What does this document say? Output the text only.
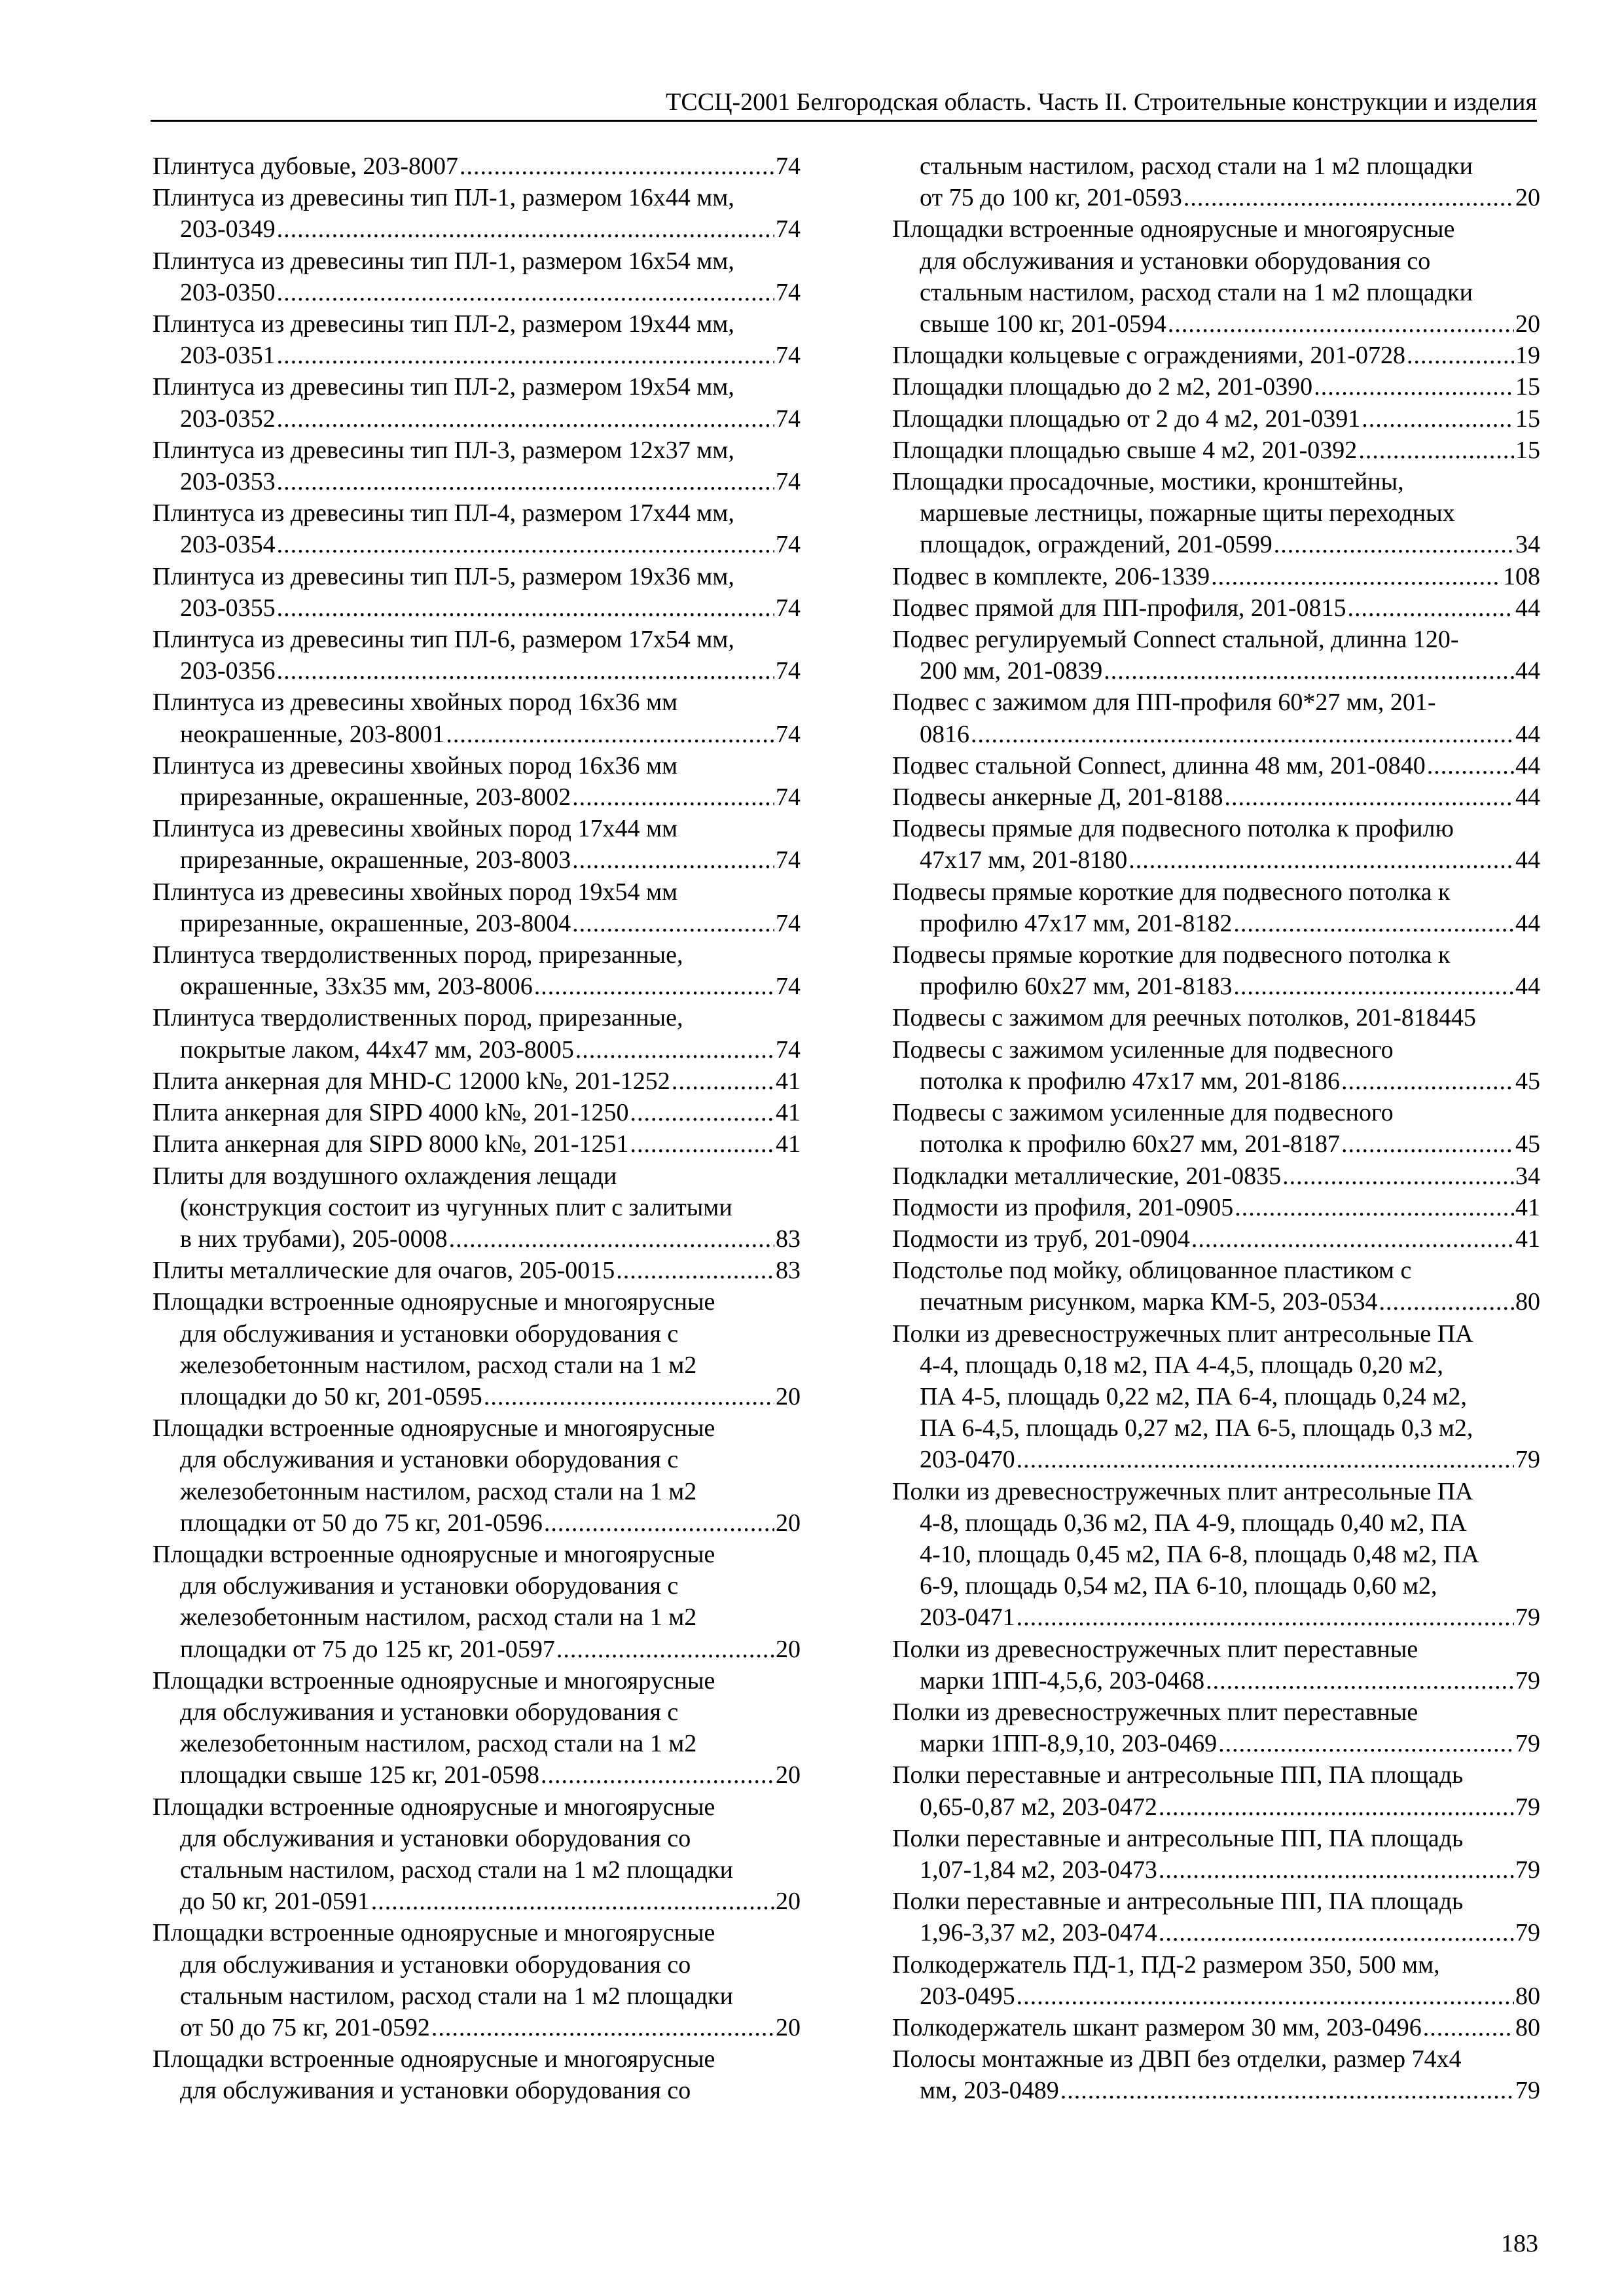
ТССЦ-2001 Белгородская область. Часть II. Строительные конструкции и изделия
Плинтуса дубовые, 203-8007 .....	74
Плинтуса из древесины тип ПЛ-1, размером 16х44 мм,
203-0349 .....	74
Плинтуса из древесины тип ПЛ-1, размером 16х54 мм,
203-0350 .....	74
Плинтуса из древесины тип ПЛ-2, размером 19х44 мм,
203-0351 .....	74
Плинтуса из древесины тип ПЛ-2, размером 19х54 мм,
203-0352 .....	74
Плинтуса из древесины тип ПЛ-3, размером 12х37 мм,
203-0353 .....	74
Плинтуса из древесины тип ПЛ-4, размером 17х44 мм,
203-0354 .....	74
Плинтуса из древесины тип ПЛ-5, размером 19х36 мм,
203-0355 .....	74
Плинтуса из древесины тип ПЛ-6, размером 17х54 мм,
203-0356 .....	74
Плинтуса из древесины хвойных пород 16х36 мм
неокрашенные, 203-8001 .....	74
Плинтуса из древесины хвойных пород 16х36 мм
прирезанные, окрашенные, 203-8002 .....	74
Плинтуса из древесины хвойных пород 17х44 мм
прирезанные, окрашенные, 203-8003 .....	74
Плинтуса из древесины хвойных пород 19х54 мм
прирезанные, окрашенные, 203-8004 .....	74
Плинтуса твердолиственных пород, прирезанные,
окрашенные, 33х35 мм, 203-8006 .....	74
Плинтуса твердолиственных пород, прирезанные,
покрытые лаком, 44х47 мм, 203-8005 .....	74
Плита анкерная для MHD-C 12000 k№, 201-1252 .....	41
Плита анкерная для SIPD 4000 k№, 201-1250 .....	41
Плита анкерная для SIPD 8000 k№, 201-1251 .....	41
Плиты для воздушного охлаждения лещади
(конструкция состоит из чугунных плит с залитыми
в них трубами), 205-0008 .....	83
Плиты металлические для очагов, 205-0015 .....	83
Площадки встроенные одноярусные и многоярусные
для обслуживания и установки оборудования с
железобетонным настилом, расход стали на 1 м2
площадки до 50 кг, 201-0595 .....	20
Площадки встроенные одноярусные и многоярусные
для обслуживания и установки оборудования с
железобетонным настилом, расход стали на 1 м2
площадки от 50 до 75 кг, 201-0596 .....	20
Площадки встроенные одноярусные и многоярусные
для обслуживания и установки оборудования с
железобетонным настилом, расход стали на 1 м2
площадки от 75 до 125 кг, 201-0597 .....	20
Площадки встроенные одноярусные и многоярусные
для обслуживания и установки оборудования с
железобетонным настилом, расход стали на 1 м2
площадки свыше 125 кг, 201-0598 .....	20
Площадки встроенные одноярусные и многоярусные
для обслуживания и установки оборудования со
стальным настилом, расход стали на 1 м2 площадки
до 50 кг, 201-0591 .....	20
Площадки встроенные одноярусные и многоярусные
для обслуживания и установки оборудования со
стальным настилом, расход стали на 1 м2 площадки
от 50 до 75 кг, 201-0592 .....	20
Площадки встроенные одноярусные и многоярусные
для обслуживания и установки оборудования со
стальным настилом, расход стали на 1 м2 площадки
от 75 до 100 кг, 201-0593 .....	20
Площадки встроенные одноярусные и многоярусные
для обслуживания и установки оборудования со
стальным настилом, расход стали на 1 м2 площадки
свыше 100 кг, 201-0594 .....	20
Площадки кольцевые с ограждениями, 201-0728 .....	19
Площадки площадью до 2 м2, 201-0390 .....	15
Площадки площадью от 2 до 4 м2, 201-0391 .....	15
Площадки площадью свыше 4 м2, 201-0392 .....	15
Площадки просадочные, мостики, кронштейны,
маршевые лестницы, пожарные щиты переходных
площадок, ограждений, 201-0599 .....	34
Подвес в комплекте, 206-1339 .....	108
Подвес прямой для ПП-профиля, 201-0815 .....	44
Подвес регулируемый Connect стальной, длинна 120-
200 мм, 201-0839 .....	44
Подвес с зажимом для ПП-профиля 60*27 мм, 201-
0816 .....	44
Подвес стальной Connect, длинна 48 мм, 201-0840 .....	44
Подвесы анкерные Д, 201-8188 .....	44
Подвесы прямые для подвесного потолка к профилю
47х17 мм, 201-8180 .....	44
Подвесы прямые короткие для подвесного потолка к
профилю 47х17 мм, 201-8182 .....	44
Подвесы прямые короткие для подвесного потолка к
профилю 60х27 мм, 201-8183 .....	44
Подвесы с зажимом для реечных потолков, 201-818445
Подвесы с зажимом усиленные для подвесного
потолка к профилю 47х17 мм, 201-8186 .....	45
Подвесы с зажимом усиленные для подвесного
потолка к профилю 60х27 мм, 201-8187 .....	45
Подкладки металлические, 201-0835 .....	34
Подмости из профиля, 201-0905 .....	41
Подмости из труб, 201-0904 .....	41
Подстолье под мойку, облицованное пластиком с
печатным рисунком, марка КМ-5, 203-0534 .....	80
Полки из древесностружечных плит антресольные ПА
4-4, площадь 0,18 м2, ПА 4-4,5, площадь 0,20 м2,
ПА 4-5, площадь 0,22 м2, ПА 6-4, площадь 0,24 м2,
ПА 6-4,5, площадь 0,27 м2, ПА 6-5, площадь 0,3 м2,
203-0470 .....	79
Полки из древесностружечных плит антресольные ПА
4-8, площадь 0,36 м2, ПА 4-9, площадь 0,40 м2, ПА
4-10, площадь 0,45 м2, ПА 6-8, площадь 0,48 м2, ПА
6-9, площадь 0,54 м2, ПА 6-10, площадь 0,60 м2,
203-0471 .....	79
Полки из древесностружечных плит переставные
марки 1ПП-4,5,6, 203-0468 .....	79
Полки из древесностружечных плит переставные
марки 1ПП-8,9,10, 203-0469 .....	79
Полки переставные и антресольные ПП, ПА площадь
0,65-0,87 м2, 203-0472 .....	79
Полки переставные и антресольные ПП, ПА площадь
1,07-1,84 м2, 203-0473 .....	79
Полки переставные и антресольные ПП, ПА площадь
1,96-3,37 м2, 203-0474 .....	79
Полкодержатель ПД-1, ПД-2 размером 350, 500 мм,
203-0495 .....	80
Полкодержатель шкант размером 30 мм, 203-0496 .....	80
Полосы монтажные из ДВП без отделки, размер 74х4
мм, 203-0489 .....	79
183
